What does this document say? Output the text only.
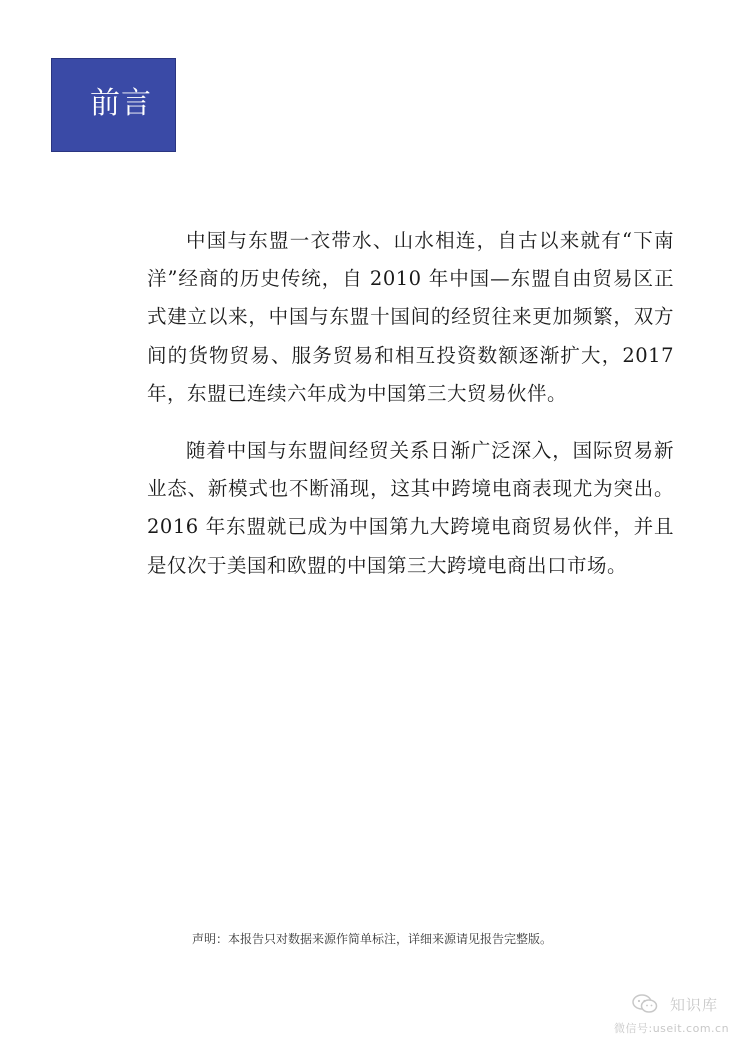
前言

中国与东盟一衣带水、山水相连，自古以来就有“下南洋”经商的历史传统，自 2010 年中国—东盟自由贸易区正式建立以来，中国与东盟十国间的经贸往来更加频繁，双方间的货物贸易、服务贸易和相互投资数额逐渐扩大，2017 年，东盟已连续六年成为中国第三大贸易伙伴。

随着中国与东盟间经贸关系日渐广泛深入，国际贸易新业态、新模式也不断涌现，这其中跨境电商表现尤为突出。2016 年东盟就已成为中国第九大跨境电商贸易伙伴，并且是仅次于美国和欧盟的中国第三大跨境电商出口市场。

声明：本报告只对数据来源作简单标注，详细来源请见报告完整版。
知识库
微信号:useit.com.cn
